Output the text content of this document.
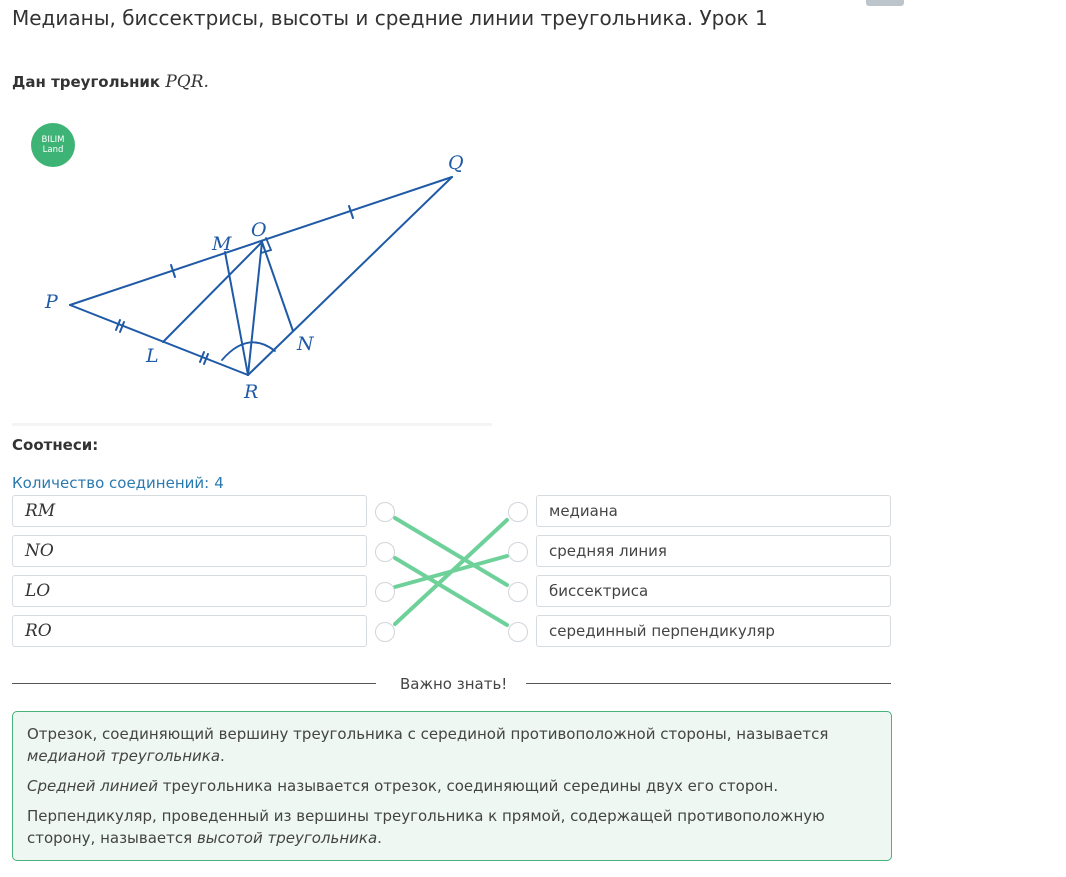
Медианы, биссектрисы, высоты и средние линии треугольника. Урок 1
Дан треугольник PQR.
P
Q
R
O
M
L
N
BILIM
Land
Соотнеси:
Количество соединений: 4
RM
NO
LO
RO
медиана
средняя линия
биссектриса
серединный перпендикуляр
Важно знать!

Отрезок, соединяющий вершину треугольника с серединой противоположной стороны, называется медианой треугольника.

Средней линией треугольника называется отрезок, соединяющий середины двух его сторон.

Перпендикуляр, проведенный из вершины треугольника к прямой, содержащей противоположную сторону, называется высотой треугольника.
